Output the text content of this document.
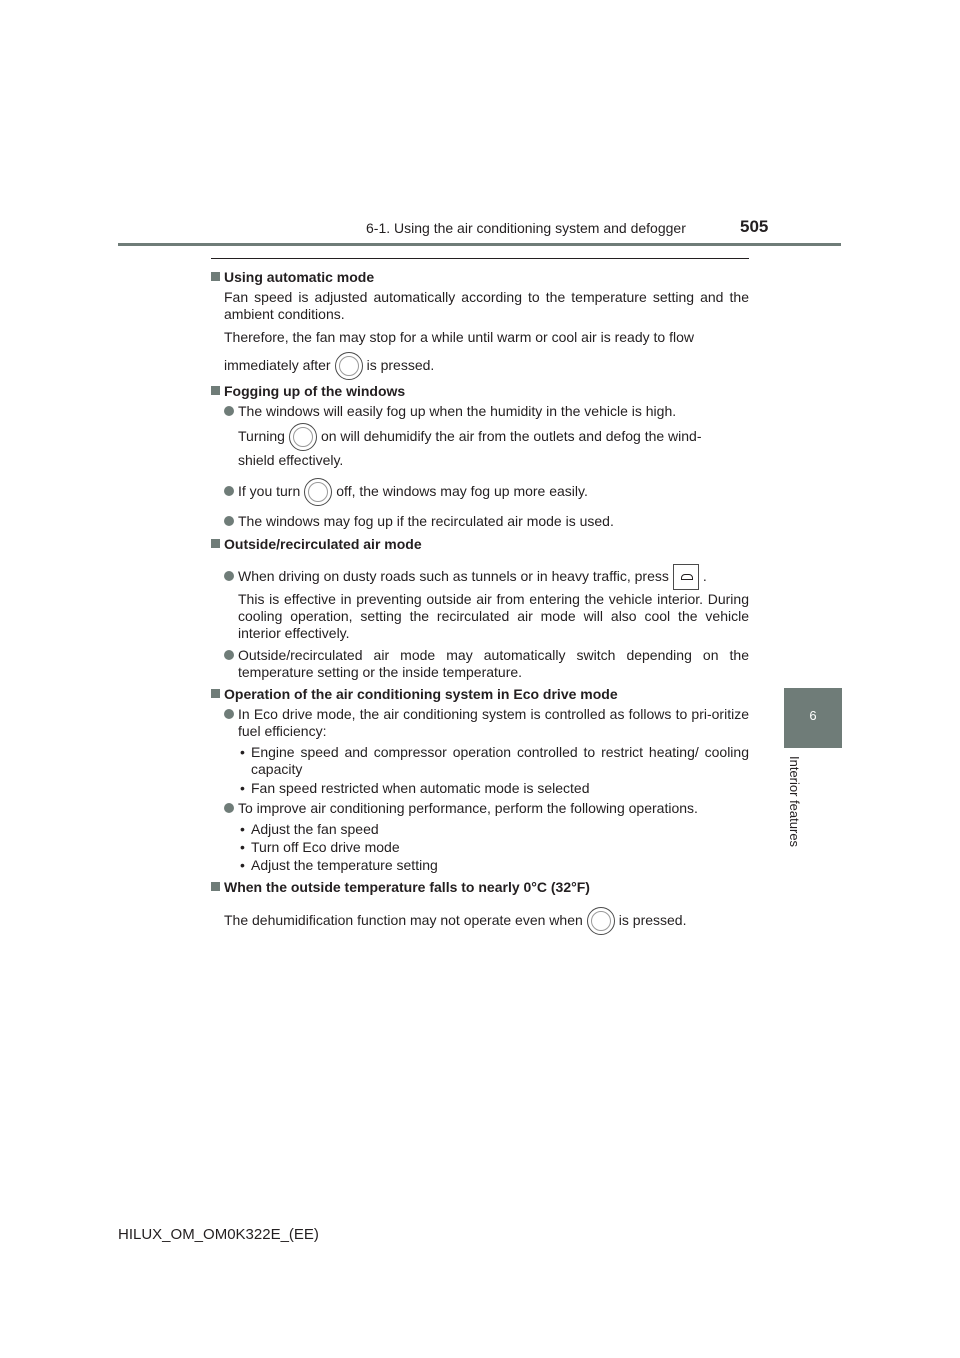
6-1. Using the air conditioning system and defogger	505
6
Interior features
Using automatic mode
Fan speed is adjusted automatically according to the temperature setting and the ambient conditions.
Therefore, the fan may stop for a while until warm or cool air is ready to flow
immediately after	is pressed.
Fogging up of the windows
The windows will easily fog up when the humidity in the vehicle is high.
Turning	on will dehumidify the air from the outlets and defog the wind-
shield effectively.
If you turn	off, the windows may fog up more easily.
The windows may fog up if the recirculated air mode is used.
Outside/recirculated air mode
When driving on dusty roads such as tunnels or in heavy traffic, press .
This is effective in preventing outside air from entering the vehicle interior. During cooling operation, setting the recirculated air mode will also cool the vehicle interior effectively.
Outside/recirculated air mode may automatically switch depending on the temperature setting or the inside temperature.
Operation of the air conditioning system in Eco drive mode
In Eco drive mode, the air conditioning system is controlled as follows to pri-oritize fuel efficiency:
• Engine speed and compressor operation controlled to restrict heating/ cooling capacity
• Fan speed restricted when automatic mode is selected
To improve air conditioning performance, perform the following operations.
• Adjust the fan speed
• Turn off Eco drive mode
• Adjust the temperature setting
When the outside temperature falls to nearly 0°C (32°F)
The dehumidification function may not operate even when	is pressed.
HILUX_OM_OM0K322E_(EE)
